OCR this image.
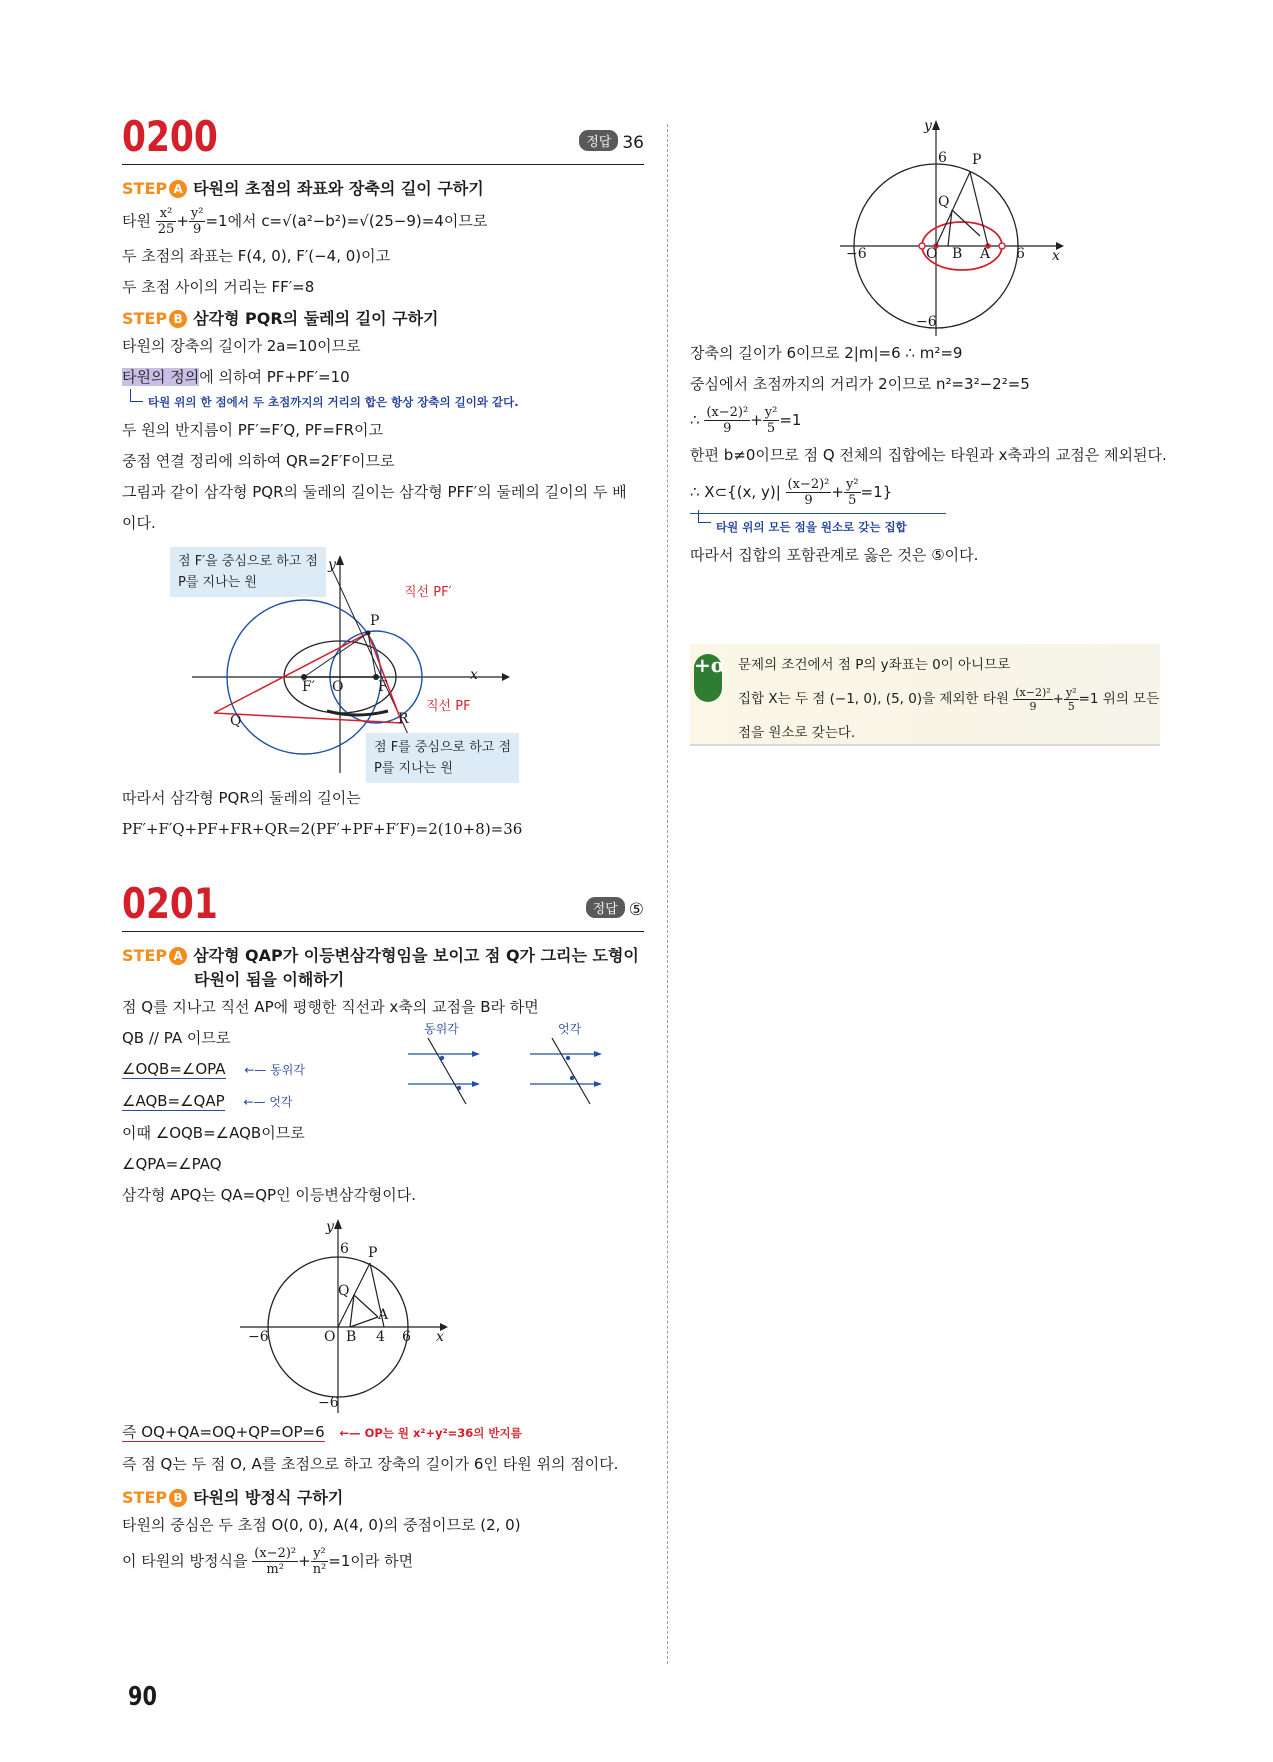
0200	정답 36
STEP A 타원의 초점의 좌표와 장축의 길이 구하기
타원 $\frac{\text{x²}}{25} + \frac{\text{y²}}{9} =1$에서 c=√(a²−b²)=√(25−9)=4이므로
두 초점의 좌표는 F(4, 0), F′(−4, 0)이고
두 초점 사이의 거리는 FF′=8
STEP B 삼각형 PQR의 둘레의 길이 구하기
타원의 장축의 길이가 2a=10이므로
타원의 정의에 의하여 PF+PF′=10
타원 위의 한 점에서 두 초점까지의 거리의 합은 항상 장축의 길이와 같다.
두 원의 반지름이 PF′=F′Q, PF=FR이고
중점 연결 정리에 의하여 QR=2F′F이므로
그림과 같이 삼각형 PQR의 둘레의 길이는 삼각형 PFF′의 둘레의 길이의 두 배
이다.
점 F′을 중심으로 하고 점
P를 지나는 원
점 F를 중심으로 하고 점
P를 지나는 원
직선 PF′
직선 PF
y
x
P
F′ O F
Q	R
따라서 삼각형 PQR의 둘레의 길이는
PF′+F′Q+PF+FR+QR=2(PF′+PF+F′F)=2(10+8)=36
0201	정답 ⑤
STEP A 삼각형 QAP가 이등변삼각형임을 보이고 점 Q가 그리는 도형이
타원이 됨을 이해하기
점 Q를 지나고 직선 AP에 평행한 직선과 x축의 교점을 B라 하면
QB // PA 이므로
∠OQB=∠OPA ←— 동위각
∠AQB=∠QAP ←— 엇각
이때 ∠OQB=∠AQB이므로
∠QPA=∠PAQ
삼각형 APQ는 QA=QP인 이등변삼각형이다.
동위각	엇각
y
x
6
−6	6
−6
P
Q
A
O B 4
즉 OQ+QA=OQ+QP=OP=6 ←— OP는 원 x²+y²=36의 반지름
즉 점 Q는 두 점 O, A를 초점으로 하고 장축의 길이가 6인 타원 위의 점이다.
STEP B 타원의 방정식 구하기
타원의 중심은 두 초점 O(0, 0), A(4, 0)의 중점이므로 (2, 0)
이 타원의 방정식을 $\frac{\text{(x−2)²}}{\text{m²}} + \frac{\text{y²}}{\text{n²}} =1$이라 하면
y
x
6
−6	6
−6
P
Q
O B A
장축의 길이가 6이므로 2|m|=6 ∴ m²=9
중심에서 초점까지의 거리가 2이므로 n²=3²−2²=5
∴ $\frac{\text{(x−2)²}}{9} + \frac{\text{y²}}{5} =1$
한편 b≠0이므로 점 Q 전체의 집합에는 타원과 x축과의 교점은 제외된다.
∴ X⊂{(x, $y)| \frac{\text{(x−2)²}}{9} + \frac{\text{y²}}{5} =1$}
타원 위의 모든 점을 원소로 갖는 집합
따라서 집합의 포함관계로 옳은 것은 ⑤이다.
+α 문제의 조건에서 점 P의 y좌표는 0이 아니므로
집합 X는 두 점 (−1, 0), (5, 0)을 제외한 타원 $\frac{\text{(x−2)²}}{9} + \frac{\text{y²}}{5} =1$ 위의 모든
점을 원소로 갖는다.
90
